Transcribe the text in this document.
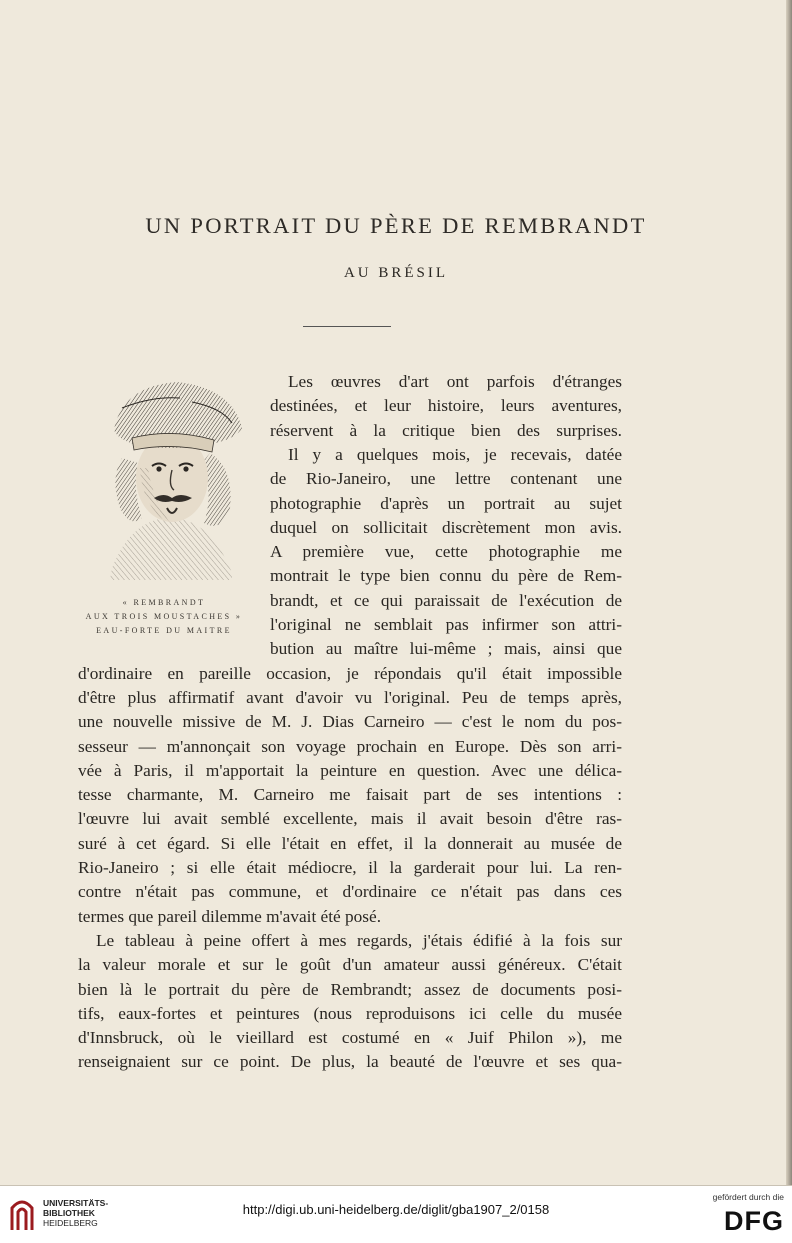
UN PORTRAIT DU PÈRE DE REMBRANDT
AU BRÉSIL
« REMBRANDT
AUX TROIS MOUSTACHES »
EAU-FORTE DU MAITRE
Les œuvres d'art ont parfois d'étranges
destinées, et leur histoire, leurs aventures,
réservent à la critique bien des surprises.
Il y a quelques mois, je recevais, datée
de Rio-Janeiro, une lettre contenant une
photographie d'après un portrait au sujet
duquel on sollicitait discrètement mon avis.
A première vue, cette photographie me
montrait le type bien connu du père de Rem-
brandt, et ce qui paraissait de l'exécution de
l'original ne semblait pas infirmer son attri-
bution au maître lui-même ; mais, ainsi que
d'ordinaire en pareille occasion, je répondais qu'il était impossible
d'être plus affirmatif avant d'avoir vu l'original. Peu de temps après,
une nouvelle missive de M. J. Dias Carneiro — c'est le nom du pos-
sesseur — m'annonçait son voyage prochain en Europe. Dès son arri-
vée à Paris, il m'apportait la peinture en question. Avec une délica-
tesse charmante, M. Carneiro me faisait part de ses intentions :
l'œuvre lui avait semblé excellente, mais il avait besoin d'être ras-
suré à cet égard. Si elle l'était en effet, il la donnerait au musée de
Rio-Janeiro ; si elle était médiocre, il la garderait pour lui. La ren-
contre n'était pas commune, et d'ordinaire ce n'était pas dans ces
termes que pareil dilemme m'avait été posé.
Le tableau à peine offert à mes regards, j'étais édifié à la fois sur
la valeur morale et sur le goût d'un amateur aussi généreux. C'était
bien là le portrait du père de Rembrandt; assez de documents posi-
tifs, eaux-fortes et peintures (nous reproduisons ici celle du musée
d'Innsbruck, où le vieillard est costumé en « Juif Philon »), me
renseignaient sur ce point. De plus, la beauté de l'œuvre et ses qua-
UNIVERSITÄTS-
BIBLIOTHEK
HEIDELBERG
http://digi.ub.uni-heidelberg.de/diglit/gba1907_2/0158
gefördert durch die
DFG
